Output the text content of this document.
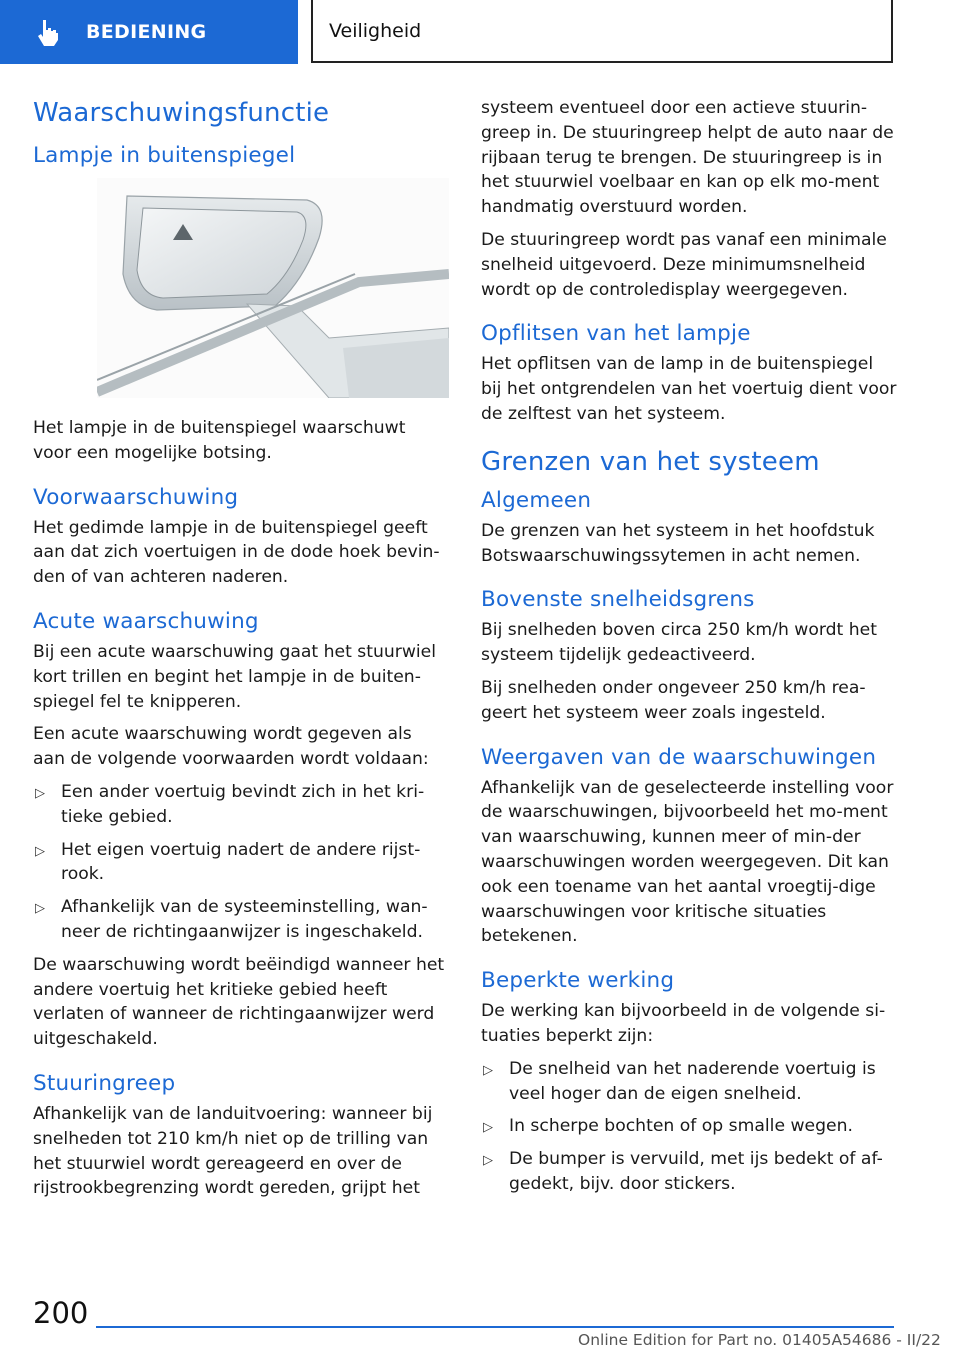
BEDIENING	Veiligheid
Waarschuwingsfunctie
Lampje in buitenspiegel

Het lampje in de buitenspiegel waarschuwt voor een mogelijke botsing.

Voorwaarschuwing

Het gedimde lampje in de buitenspiegel geeft aan dat zich voertuigen in de dode hoek bevin-den of van achteren naderen.

Acute waarschuwing

Bij een acute waarschuwing gaat het stuurwiel kort trillen en begint het lampje in de buiten-spiegel fel te knipperen.

Een acute waarschuwing wordt gegeven als aan de volgende voorwaarden wordt voldaan:

▷ Een ander voertuig bevindt zich in het kri-tieke gebied.
▷ Het eigen voertuig nadert de andere rijst-rook.
▷ Afhankelijk van de systeeminstelling, wan-neer de richtingaanwijzer is ingeschakeld.

De waarschuwing wordt beëindigd wanneer het andere voertuig het kritieke gebied heeft verlaten of wanneer de richtingaanwijzer werd uitgeschakeld.

Stuuringreep

Afhankelijk van de landuitvoering: wanneer bij snelheden tot 210 km/h niet op de trilling van het stuurwiel wordt gereageerd en over de rijstrookbegrenzing wordt gereden, grijpt het

systeem eventueel door een actieve stuurin-greep in. De stuuringreep helpt de auto naar de rijbaan terug te brengen. De stuuringreep is in het stuurwiel voelbaar en kan op elk mo-ment handmatig overstuurd worden.

De stuuringreep wordt pas vanaf een minimale snelheid uitgevoerd. Deze minimumsnelheid wordt op de controledisplay weergegeven.

Opflitsen van het lampje

Het opflitsen van de lamp in de buitenspiegel bij het ontgrendelen van het voertuig dient voor de zelftest van het systeem.

Grenzen van het systeem
Algemeen

De grenzen van het systeem in het hoofdstuk Botswaarschuwingssytemen in acht nemen.

Bovenste snelheidsgrens

Bij snelheden boven circa 250 km/h wordt het systeem tijdelijk gedeactiveerd.

Bij snelheden onder ongeveer 250 km/h rea-geert het systeem weer zoals ingesteld.

Weergaven van de waarschuwingen

Afhankelijk van de geselecteerde instelling voor de waarschuwingen, bijvoorbeeld het mo-ment van waarschuwing, kunnen meer of min-der waarschuwingen worden weergegeven. Dit kan ook een toename van het aantal vroegtij-dige waarschuwingen voor kritische situaties betekenen.

Beperkte werking

De werking kan bijvoorbeeld in de volgende si-tuaties beperkt zijn:

▷ De snelheid van het naderende voertuig is veel hoger dan de eigen snelheid.
▷ In scherpe bochten of op smalle wegen.
▷ De bumper is vervuild, met ijs bedekt of af-gedekt, bijv. door stickers.
200
Online Edition for Part no. 01405A54686 - II/22
